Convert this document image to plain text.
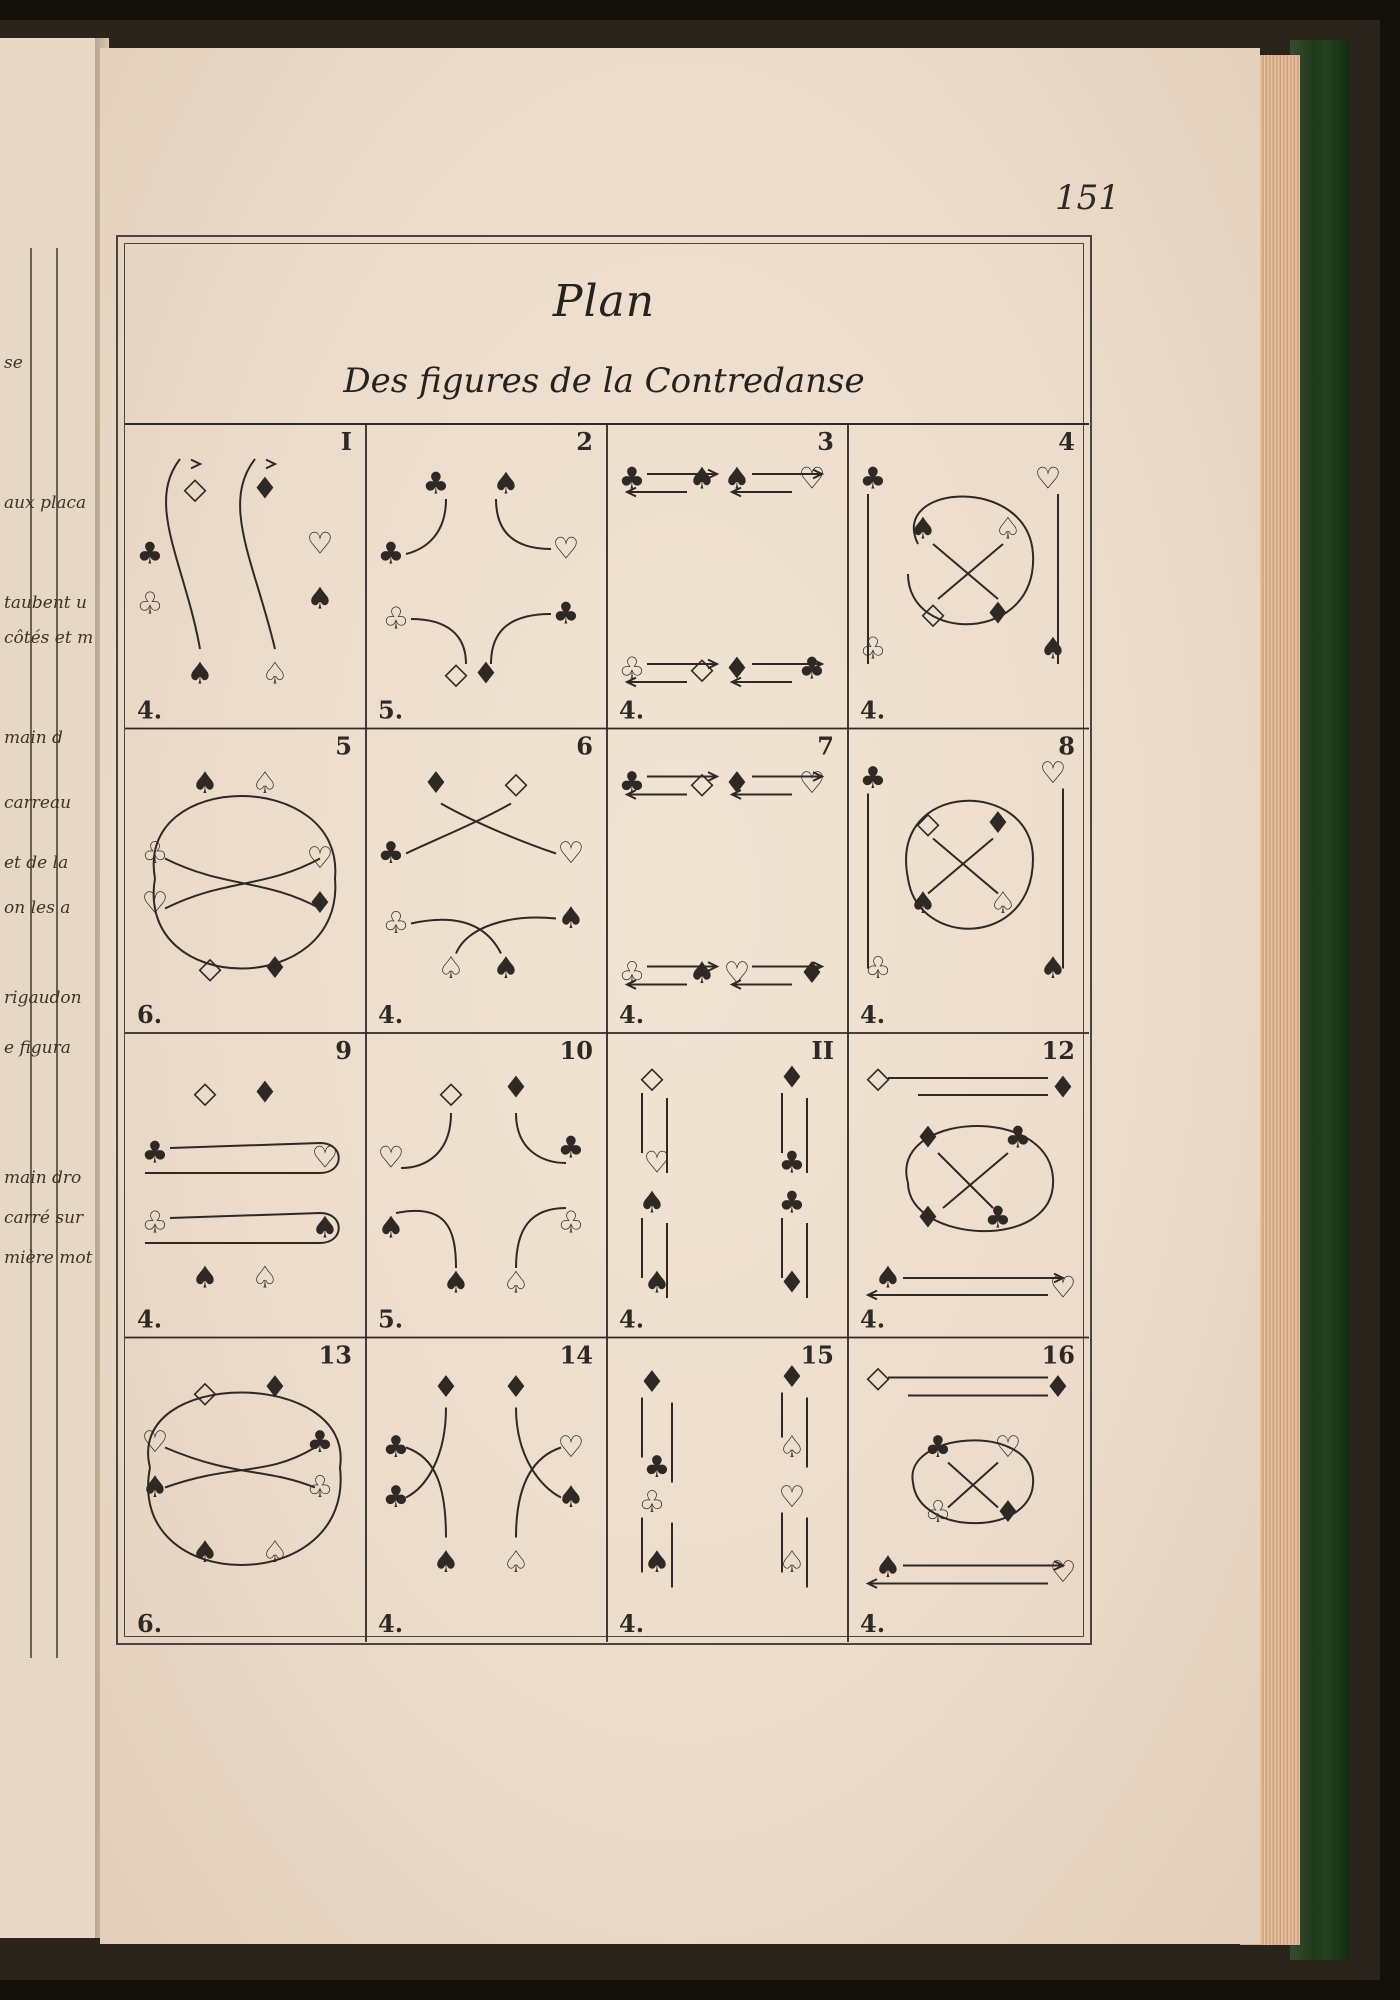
se
aux placa
taubent u
côtés et m
main d
carreau
et de la
on les a
rigaudon
e figura
main dro
carré sur
mière mot
151
Plan
Des figures de la Contredanse
◇ ♦
♣
♧
♡
♠
♠ ♤
I
4.
♣ ♠
♣	♡
♧	♣
◇ ♦
2
5.
♣ ♠ ♠ ♡
♧ ◇ ♦ ♣
3
4.
♣	♡
♠ ♤
◇ ♦
♧	♠
4
4.
♠ ♤
♧	♡
♡	♦
◇ ♦
5
6.
♦ ◇
♣	♡
♧	♠
♤ ♠
6
4.
♣ ◇ ♦ ♡
♧ ♠ ♡ ♦
7
4.
♣	♡
◇ ♦
♠ ♤
♧	♠
8
4.
◇ ♦
♣	♡
♧	♠
♠ ♤
9
4.
◇ ♦
♡	♣
♠	♧
♠ ♤
10
5.
◇	♦
♡	♣
♠	♣
♠	♦
II
4.
◇	♦
♦ ♣
♦ ♣
♠	♡
12
4.
◇ ♦
♡	♣
♠	♧
♠ ♤
13
6.
♦ ♦
♣	♡
♣	♠
♠ ♤
14
4.
♦	♦
♣
♤
♧	♡
♠	♤
15
4.
◇	♦
♣ ♡
♧ ♦
♠	♡
16
4.
